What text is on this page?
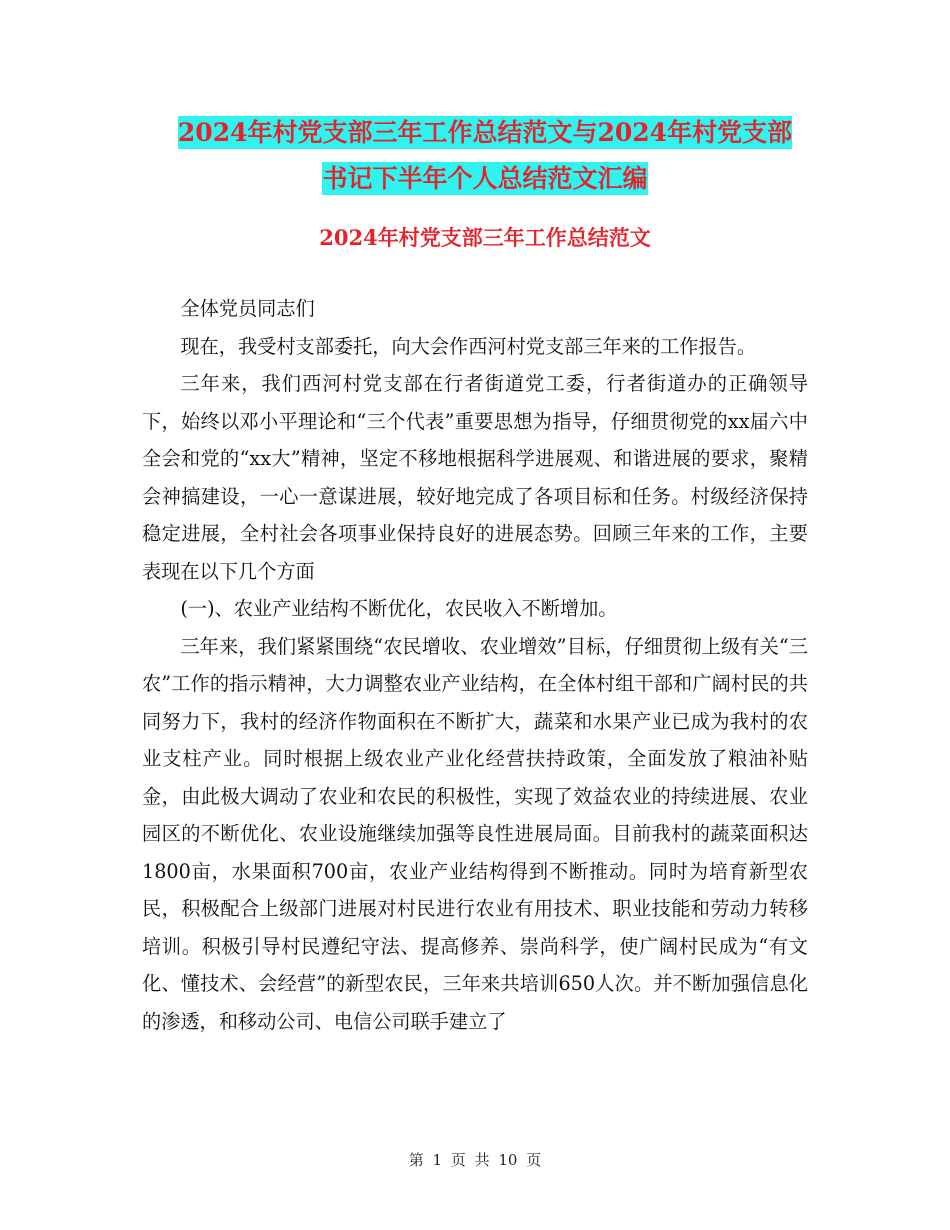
2024年村党支部三年工作总结范文与2024年村党支部
书记下半年个人总结范文汇编
2024年村党支部三年工作总结范文

全体党员同志们

现在，我受村支部委托，向大会作西河村党支部三年来的工作报告。

三年来，我们西河村党支部在行者街道党工委，行者街道办的正确领导下，始终以邓小平理论和“三个代表”重要思想为指导，仔细贯彻党的xx届六中全会和党的“xx大”精神，坚定不移地根据科学进展观、和谐进展的要求，聚精会神搞建设，一心一意谋进展，较好地完成了各项目标和任务。村级经济保持稳定进展，全村社会各项事业保持良好的进展态势。回顾三年来的工作，主要表现在以下几个方面

(一)、农业产业结构不断优化，农民收入不断增加。

三年来，我们紧紧围绕“农民增收、农业增效”目标，仔细贯彻上级有关“三农”工作的指示精神，大力调整农业产业结构，在全体村组干部和广阔村民的共同努力下，我村的经济作物面积在不断扩大，蔬菜和水果产业已成为我村的农业支柱产业。同时根据上级农业产业化经营扶持政策，全面发放了粮油补贴金，由此极大调动了农业和农民的积极性，实现了效益农业的持续进展、农业园区的不断优化、农业设施继续加强等良性进展局面。目前我村的蔬菜面积达1800亩，水果面积700亩，农业产业结构得到不断推动。同时为培育新型农民，积极配合上级部门进展对村民进行农业有用技术、职业技能和劳动力转移培训。积极引导村民遵纪守法、提高修养、崇尚科学，使广阔村民成为“有文化、懂技术、会经营”的新型农民，三年来共培训650人次。并不断加强信息化的渗透，和移动公司、电信公司联手建立了

第 1 页 共 10 页
